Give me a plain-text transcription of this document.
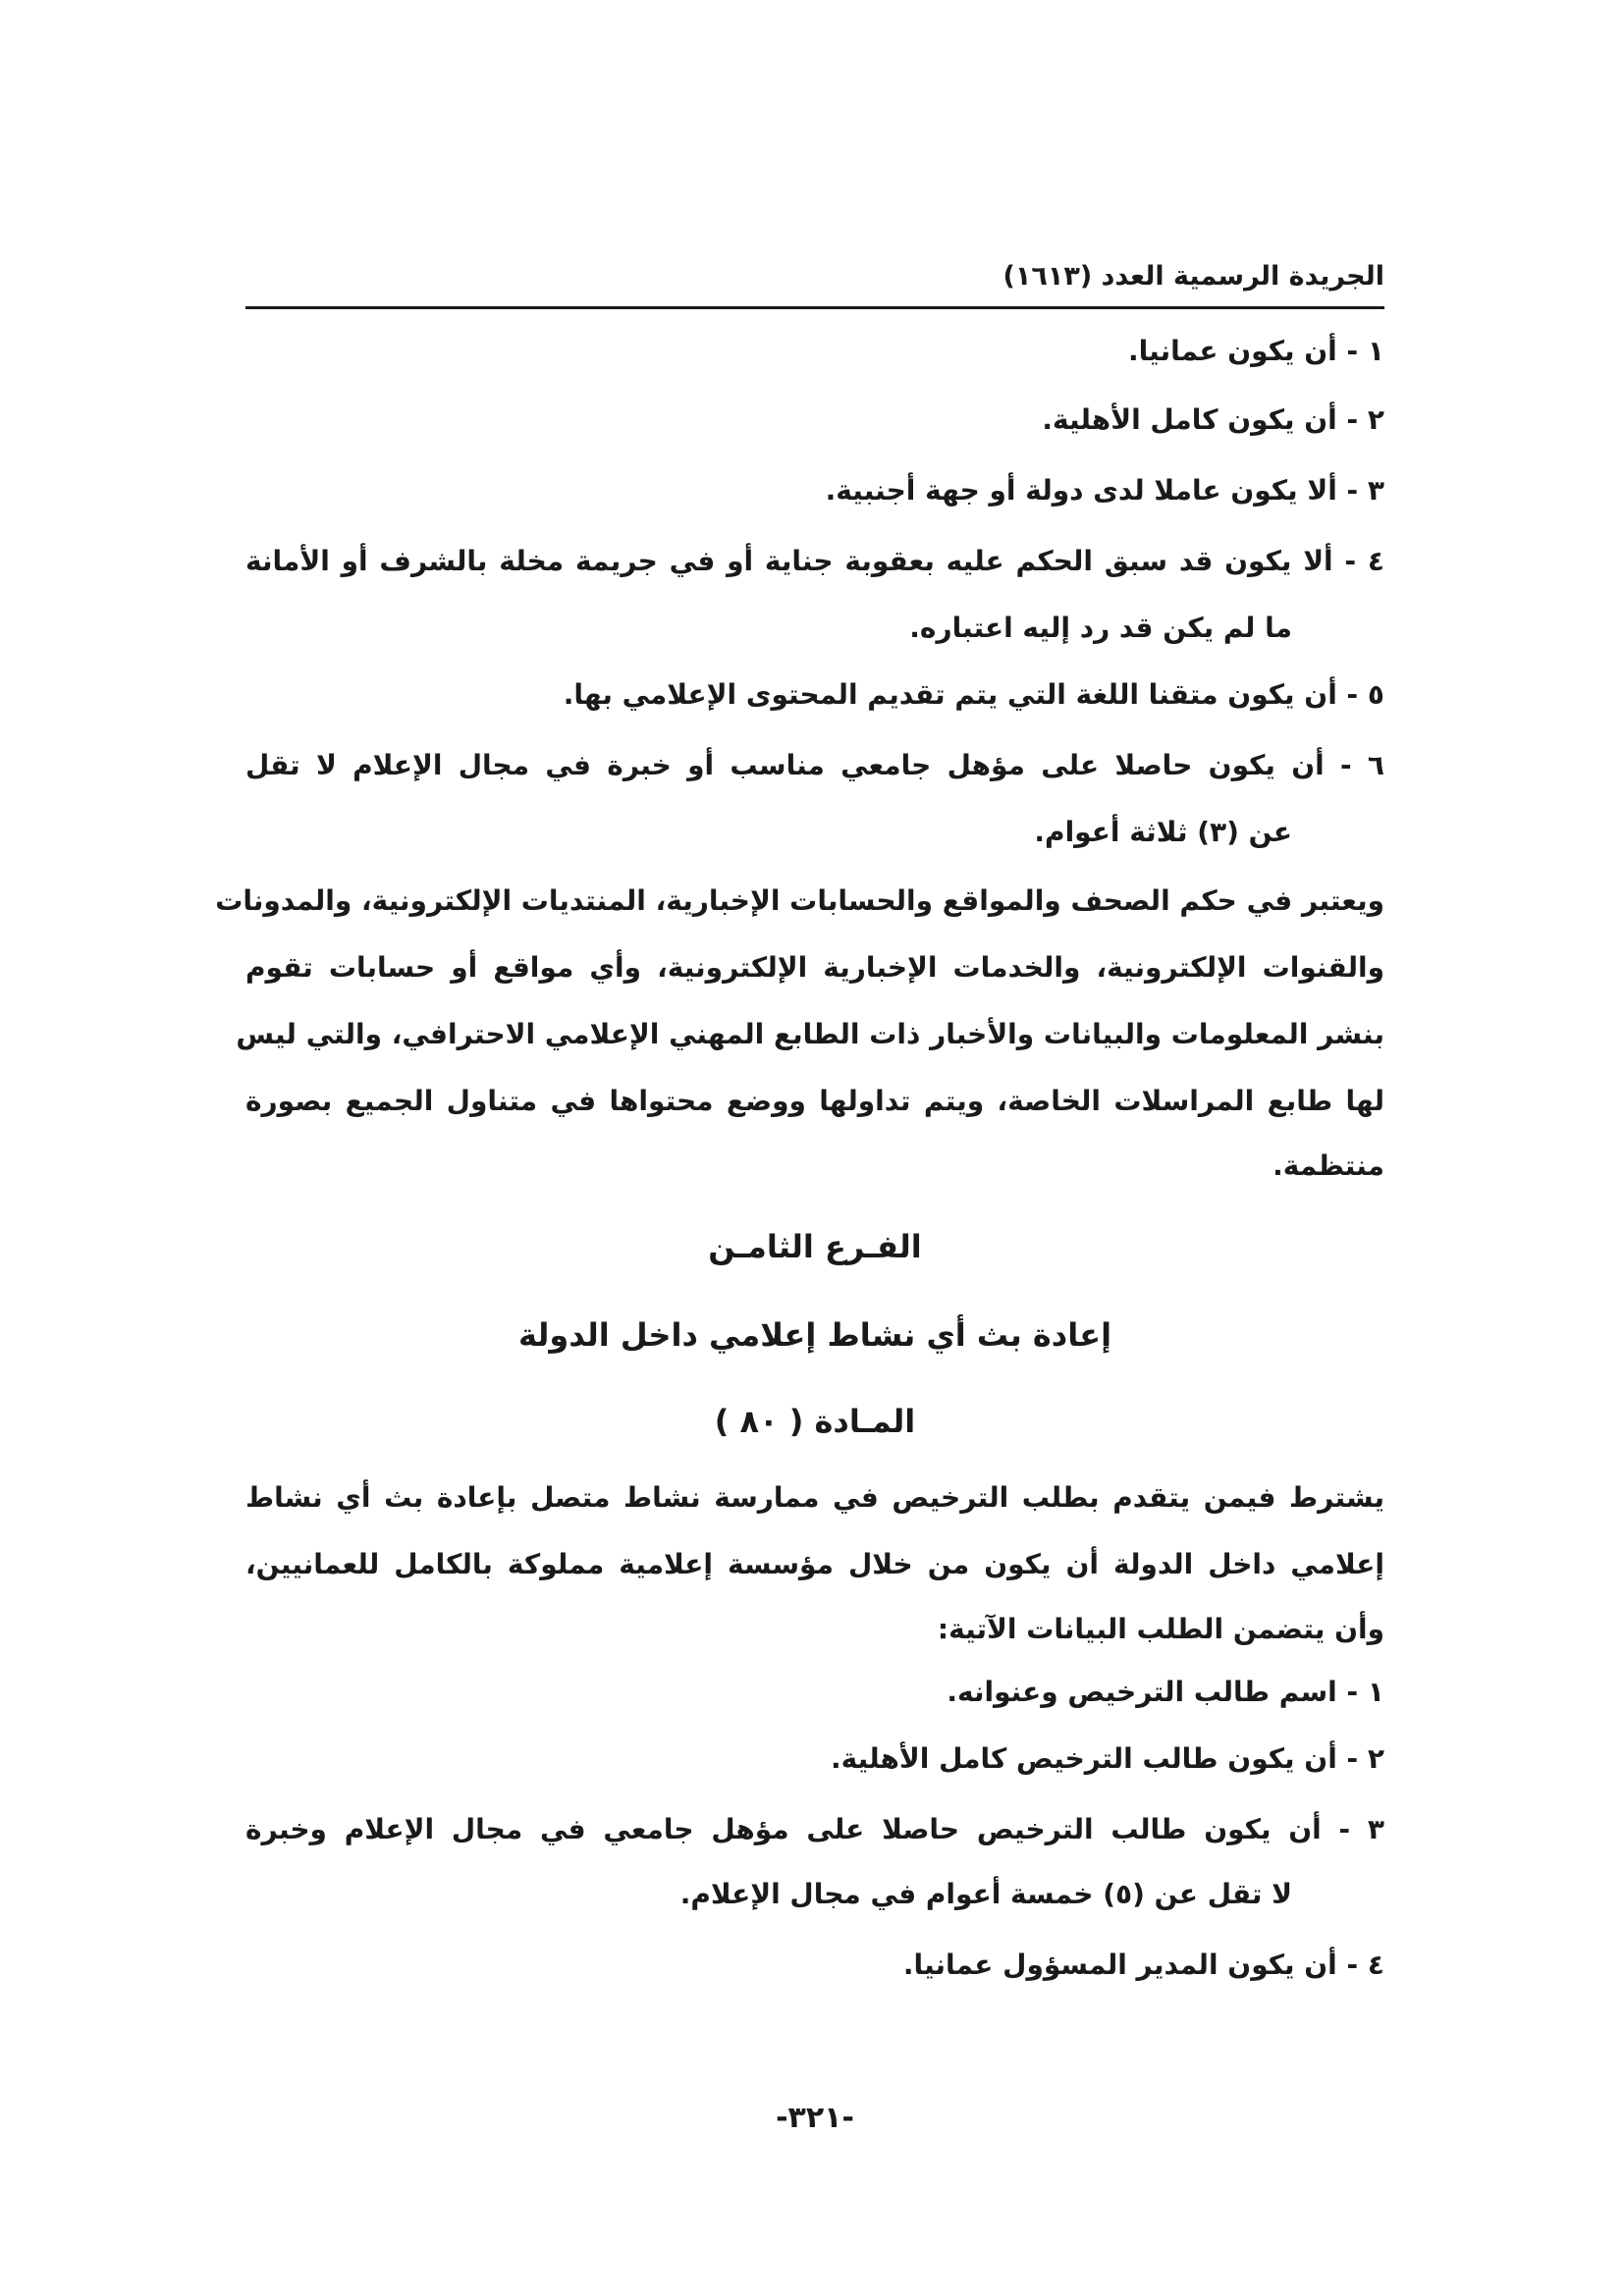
الجريدة الرسمية العدد (١٦١٣)
١ - أن يكون عمانيا.
٢ - أن يكون كامل الأهلية.
٣ - ألا يكون عاملا لدى دولة أو جهة أجنبية.
٤ - ألا يكون قد سبق الحكم عليه بعقوبة جناية أو في جريمة مخلة بالشرف أو الأمانة
ما لم يكن قد رد إليه اعتباره.
٥ - أن يكون متقنا اللغة التي يتم تقديم المحتوى الإعلامي بها.
٦ - أن يكون حاصلا على مؤهل جامعي مناسب أو خبرة في مجال الإعلام لا تقل
عن (٣) ثلاثة أعوام.
ويعتبر في حكم الصحف والمواقع والحسابات الإخبارية، المنتديات الإلكترونية، والمدونات
والقنوات الإلكترونية، والخدمات الإخبارية الإلكترونية، وأي مواقع أو حسابات تقوم
بنشر المعلومات والبيانات والأخبار ذات الطابع المهني الإعلامي الاحترافي، والتي ليس
لها طابع المراسلات الخاصة، ويتم تداولها ووضع محتواها في متناول الجميع بصورة
منتظمة.
الفـرع الثامـن
إعادة بث أي نشاط إعلامي داخل الدولة
المـادة ( ٨٠ )
يشترط فيمن يتقدم بطلب الترخيص في ممارسة نشاط متصل بإعادة بث أي نشاط
إعلامي داخل الدولة أن يكون من خلال مؤسسة إعلامية مملوكة بالكامل للعمانيين،
وأن يتضمن الطلب البيانات الآتية:
١ - اسم طالب الترخيص وعنوانه.
٢ - أن يكون طالب الترخيص كامل الأهلية.
٣ - أن يكون طالب الترخيص حاصلا على مؤهل جامعي في مجال الإعلام وخبرة
لا تقل عن (٥) خمسة أعوام في مجال الإعلام.
٤ - أن يكون المدير المسؤول عمانيا.
-٣٢١-
